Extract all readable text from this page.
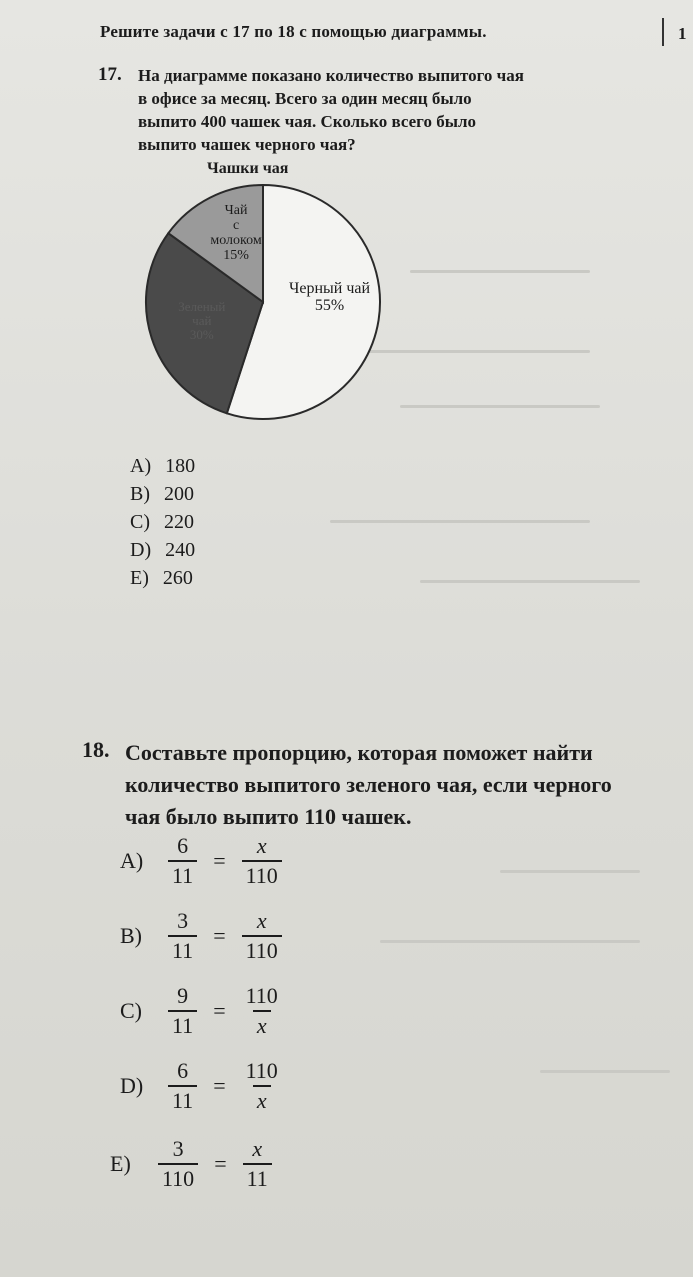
Решите задачи с 17 по 18 с помощью диаграммы.	1
17. На диаграмме показано количество выпитого чая
в офисе за месяц. Всего за один месяц было
выпито 400 чашек чая. Сколько всего было
выпито чашек черного чая?
Чашки чая
Черный чай
55%
Зеленый
чай
30%
Чай
с
молоком
15%
A) 180
B) 200
C) 220
D) 240
E) 260
18. Составьте пропорцию, которая поможет найти
количество выпитого зеленого чая, если черного
чая было выпито 110 чашек.
A)	$\frac{6}{11} = \frac{x}{110}$
B)	$\frac{3}{11} = \frac{x}{110}$
C)	$\frac{9}{11} = \frac{110}{x}$
D)	$\frac{6}{11} = \frac{110}{x}$
E)	$\frac{3}{110} = \frac{x}{11}$
